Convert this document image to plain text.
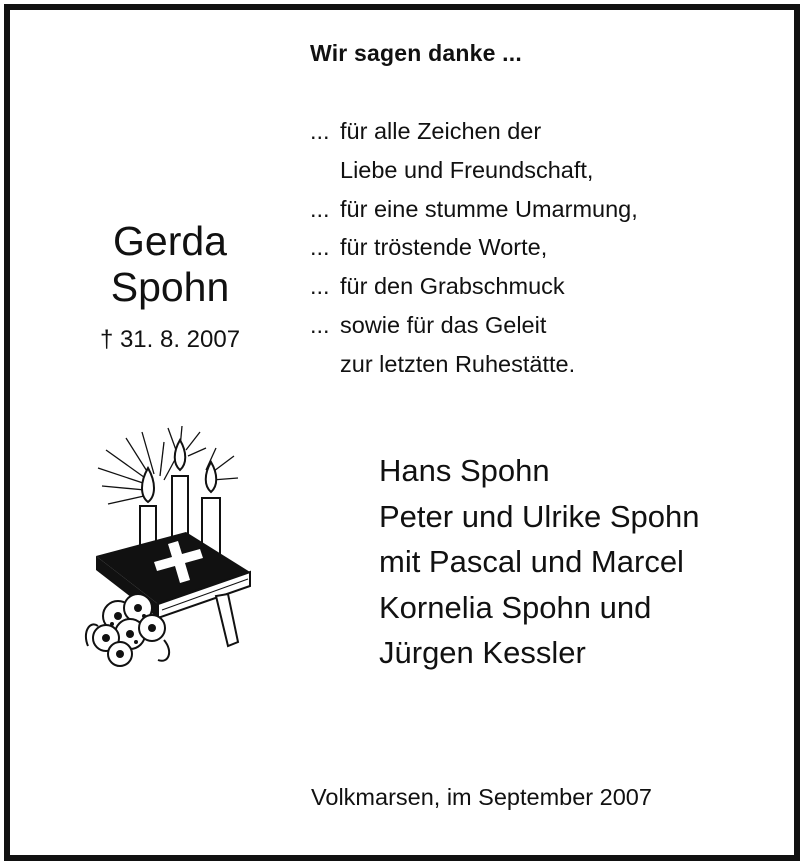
Wir sagen danke ...
... für alle Zeichen der
Liebe und Freundschaft,
... für eine stumme Umarmung,
... für tröstende Worte,
... für den Grabschmuck
... sowie für das Geleit
zur letzten Ruhestätte.
Gerda
Spohn
† 31. 8. 2007
Hans Spohn
Peter und Ulrike Spohn
mit Pascal und Marcel
Kornelia Spohn und
Jürgen Kessler
Volkmarsen, im September 2007
